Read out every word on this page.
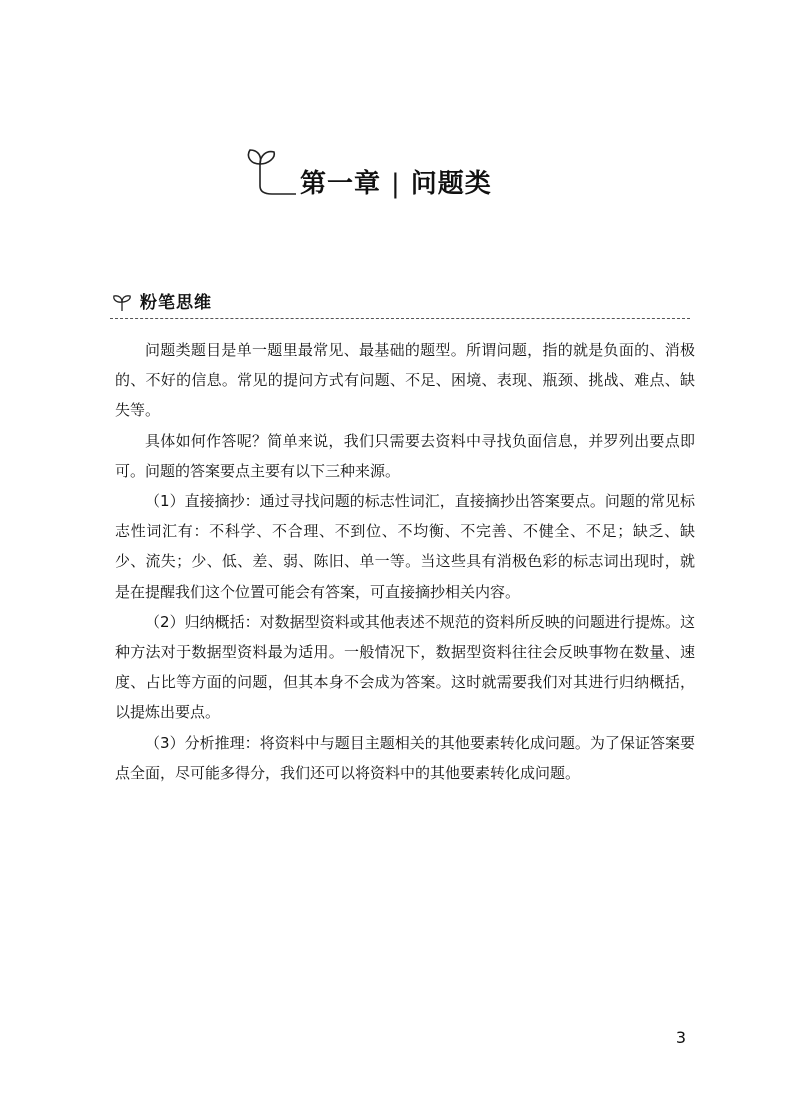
第一章 | 问题类
粉笔思维

问题类题目是单一题里最常见、最基础的题型。所谓问题，指的就是负面的、消极的、不好的信息。常见的提问方式有问题、不足、困境、表现、瓶颈、挑战、难点、缺失等。

具体如何作答呢？简单来说，我们只需要去资料中寻找负面信息，并罗列出要点即可。问题的答案要点主要有以下三种来源。

（1）直接摘抄：通过寻找问题的标志性词汇，直接摘抄出答案要点。问题的常见标志性词汇有：不科学、不合理、不到位、不均衡、不完善、不健全、不足；缺乏、缺少、流失；少、低、差、弱、陈旧、单一等。当这些具有消极色彩的标志词出现时，就是在提醒我们这个位置可能会有答案，可直接摘抄相关内容。

（2）归纳概括：对数据型资料或其他表述不规范的资料所反映的问题进行提炼。这种方法对于数据型资料最为适用。一般情况下，数据型资料往往会反映事物在数量、速度、占比等方面的问题，但其本身不会成为答案。这时就需要我们对其进行归纳概括，以提炼出要点。

（3）分析推理：将资料中与题目主题相关的其他要素转化成问题。为了保证答案要点全面，尽可能多得分，我们还可以将资料中的其他要素转化成问题。

3
